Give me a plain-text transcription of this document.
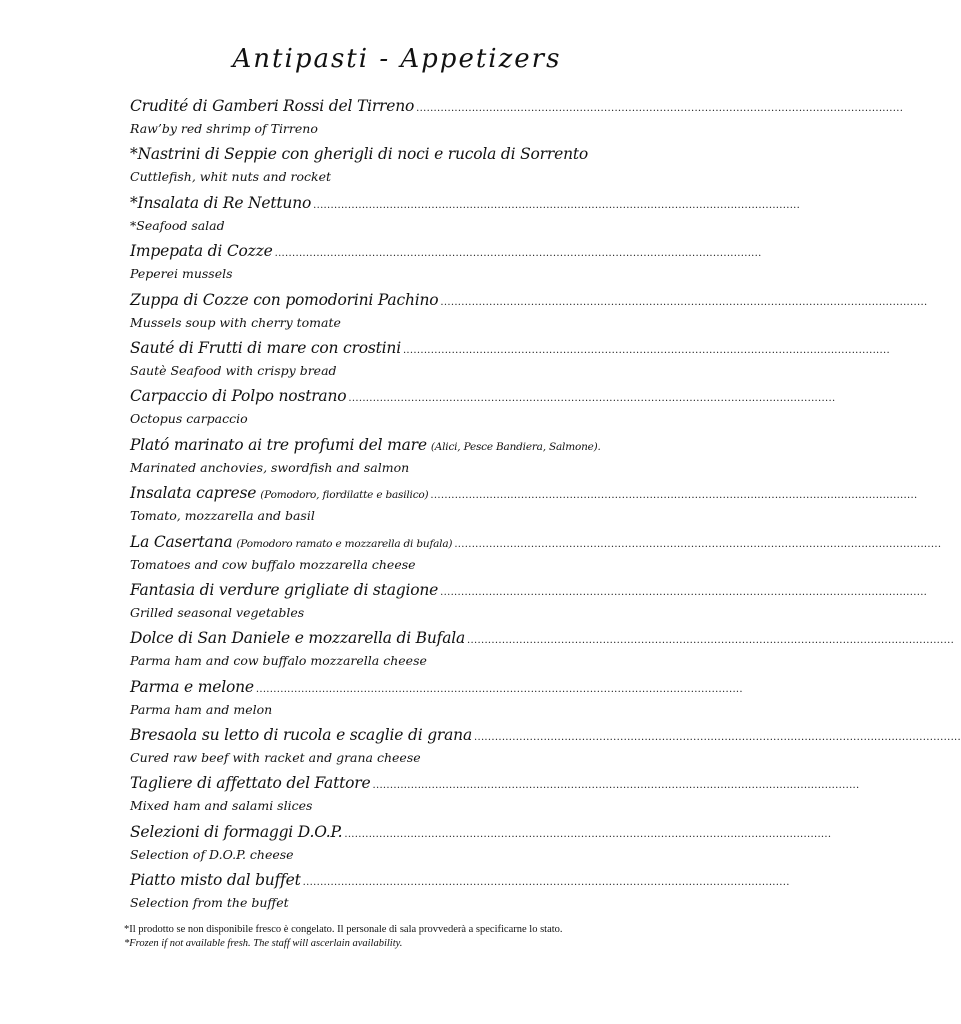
Antipasti - Appetizers
Crudité di Gamberi Rossi del Tirreno ............................................................................................................................................
Raw’by red shrimp of Tirreno
*Nastrini di Seppie con gherigli di noci e rucola di Sorrento
Cuttlefish, whit nuts and rocket
*Insalata di Re Nettuno ............................................................................................................................................
*Seafood salad
Impepata di Cozze ............................................................................................................................................
Peperei mussels
Zuppa di Cozze con pomodorini Pachino ............................................................................................................................................
Mussels soup with cherry tomate
Sauté di Frutti di mare con crostini ............................................................................................................................................
Sautè Seafood with crispy bread
Carpaccio di Polpo nostrano ............................................................................................................................................
Octopus carpaccio
Plató marinato ai tre profumi del mare (Alici, Pesce Bandiera, Salmone).
Marinated anchovies, swordfish and salmon
Insalata caprese (Pomodoro, fiordilatte e basilico) ............................................................................................................................................
Tomato, mozzarella and basil
La Casertana (Pomodoro ramato e mozzarella di bufala) ............................................................................................................................................
Tomatoes and cow buffalo mozzarella cheese
Fantasia di verdure grigliate di stagione ............................................................................................................................................
Grilled seasonal vegetables
Dolce di San Daniele e mozzarella di Bufala ............................................................................................................................................
Parma ham and cow buffalo mozzarella cheese
Parma e melone ............................................................................................................................................
Parma ham and melon
Bresaola su letto di rucola e scaglie di grana ............................................................................................................................................
Cured raw beef with racket and grana cheese
Tagliere di affettato del Fattore ............................................................................................................................................
Mixed ham and salami slices
Selezioni di formaggi D.O.P. ............................................................................................................................................
Selection of D.O.P. cheese
Piatto misto dal buffet ............................................................................................................................................
Selection from the buffet
*Il prodotto se non disponibile fresco è congelato. Il personale di sala provvederà a specificarne lo stato.
*Frozen if not available fresh. The staff will ascerlain availability.
